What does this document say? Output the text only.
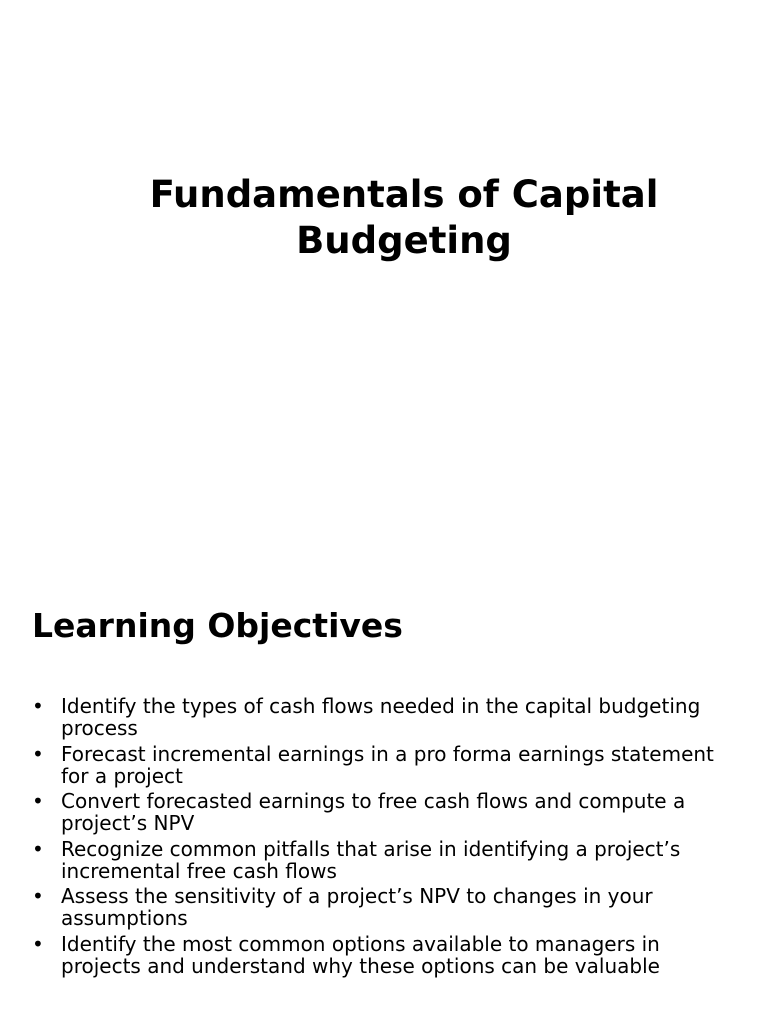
Fundamentals of Capital Budgeting
Learning Objectives
• Identify the types of cash flows needed in the capital budgeting process
• Forecast incremental earnings in a pro forma earnings statement for a project
• Convert forecasted earnings to free cash flows and compute a project’s NPV
• Recognize common pitfalls that arise in identifying a project’s incremental free cash flows
• Assess the sensitivity of a project’s NPV to changes in your assumptions
• Identify the most common options available to managers in projects and understand why these options can be valuable
